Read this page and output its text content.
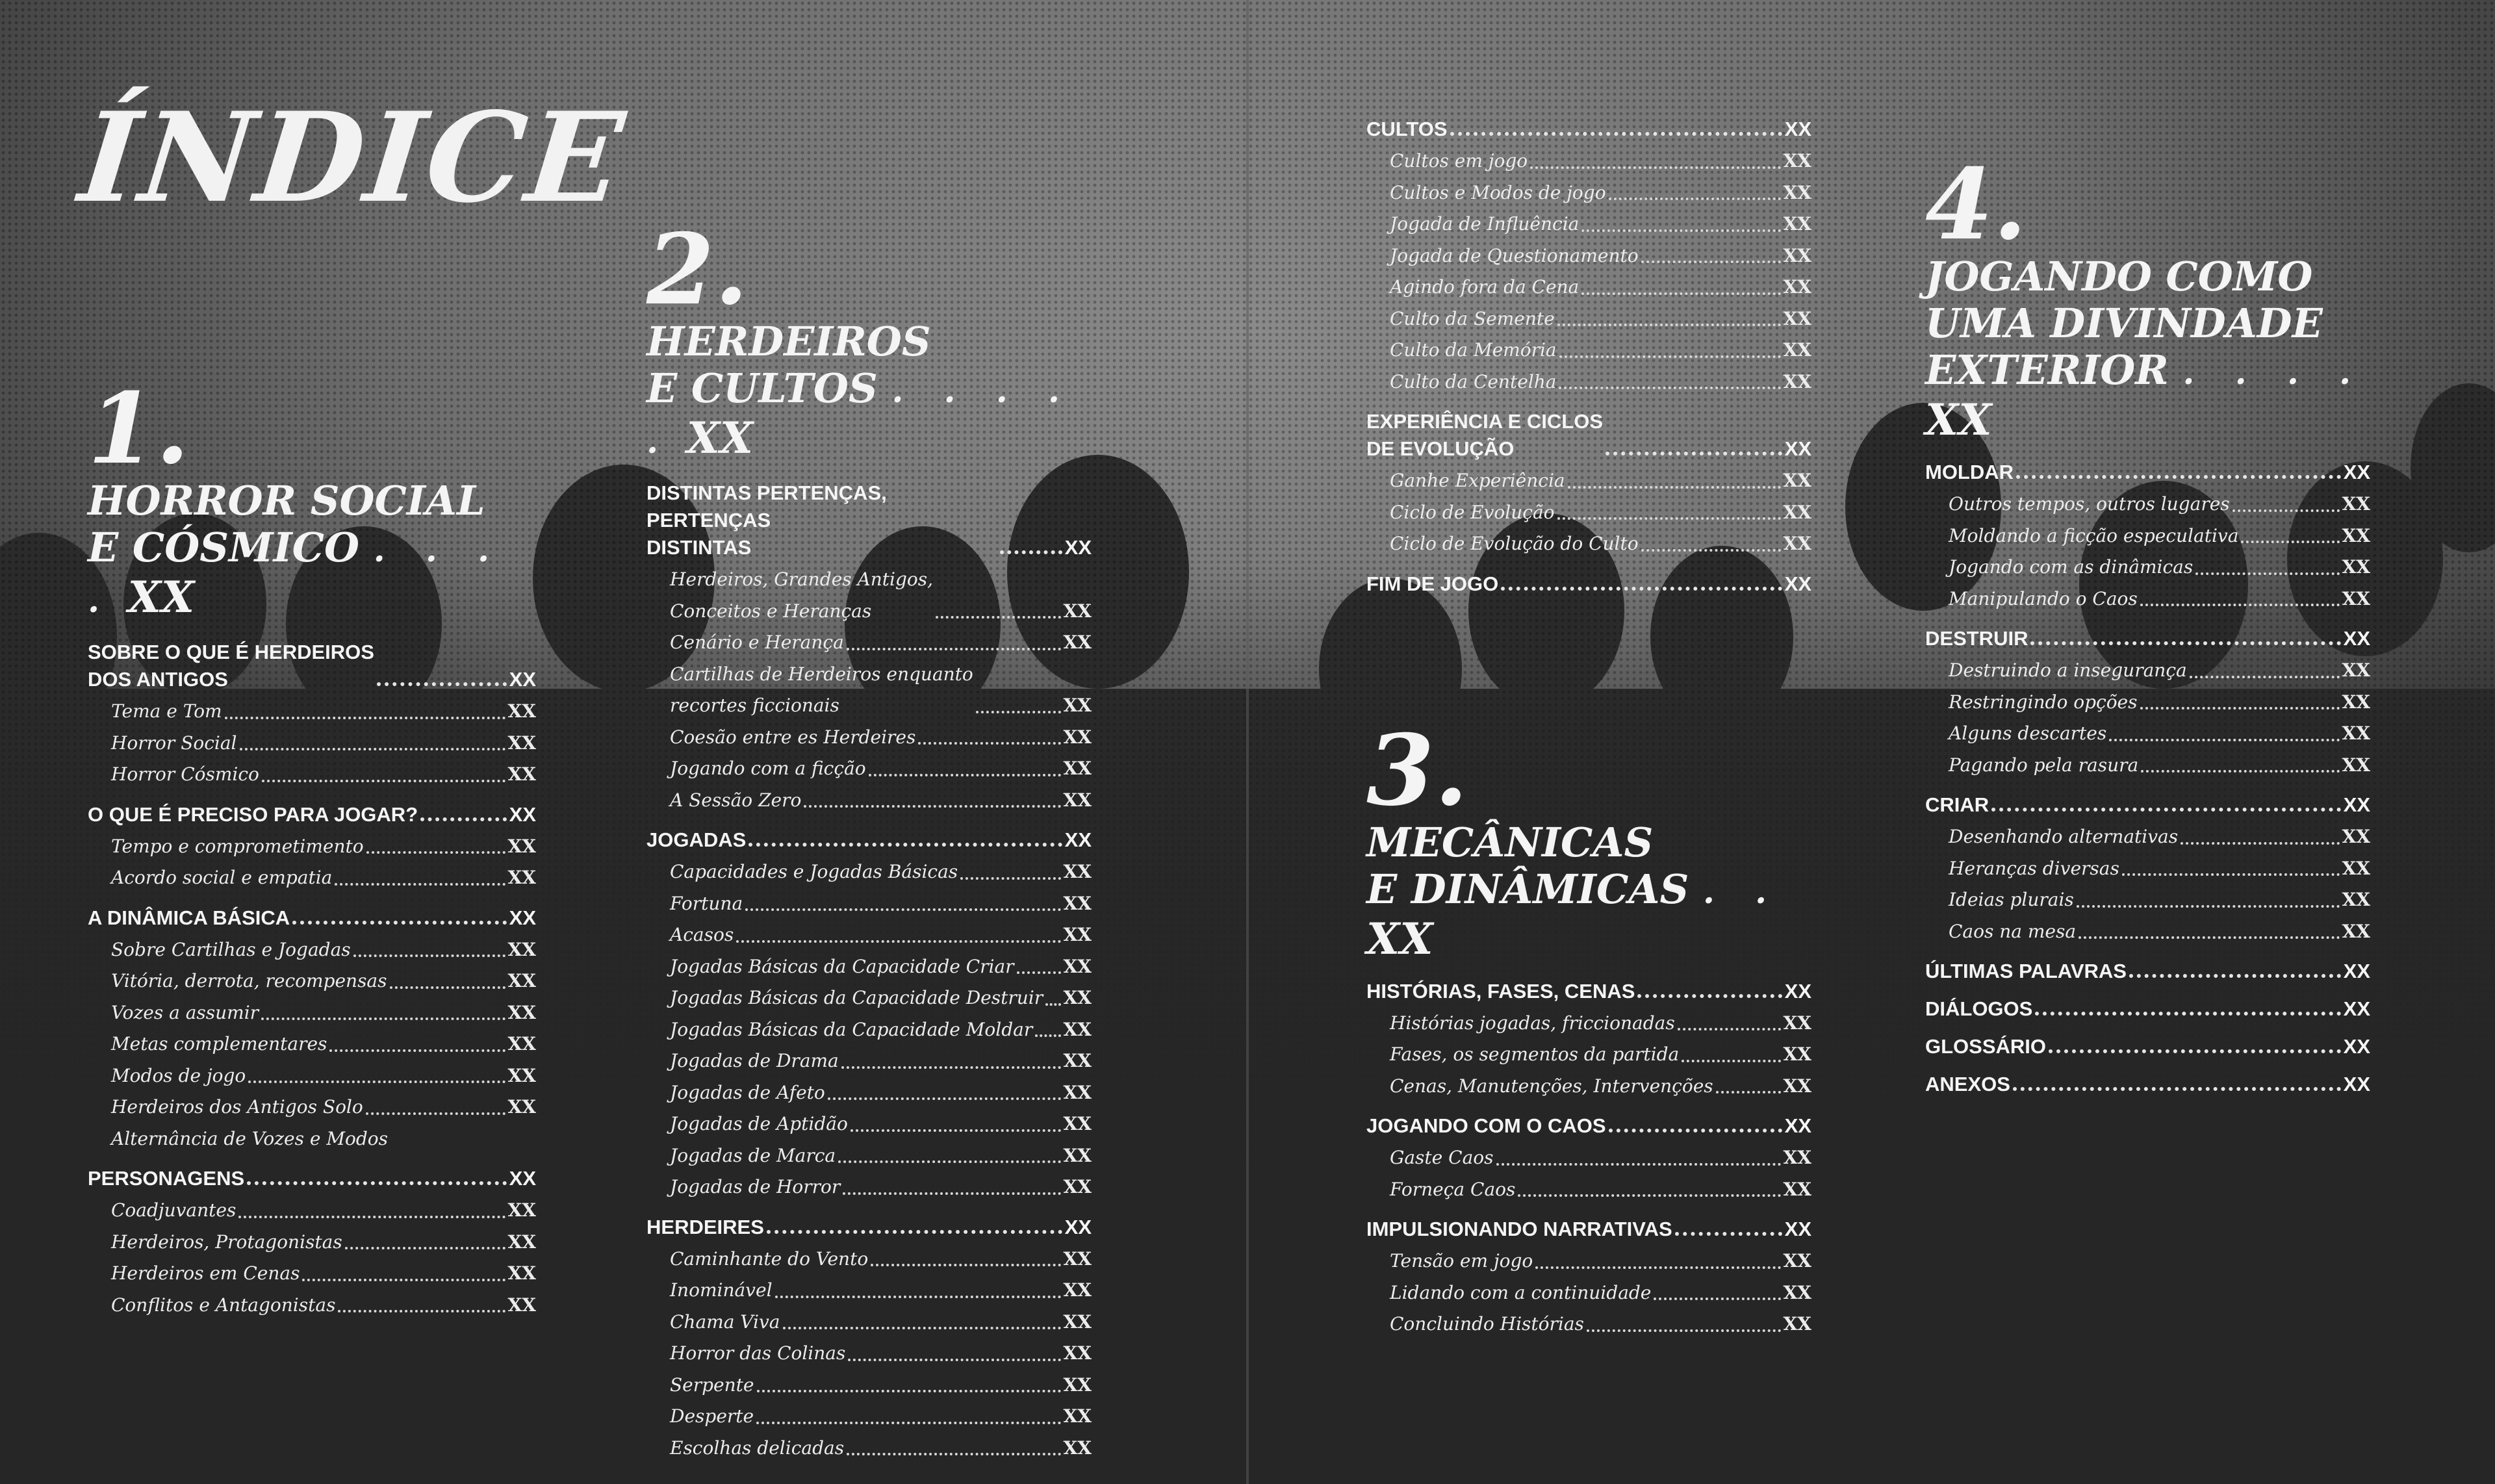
ÍNDICE
1.
HORROR SOCIAL
E CÓSMICO . . . . XX
SOBRE O QUE É HERDEIROS
DOS ANTIGOS	XX
Tema e Tom	XX
Horror Social	XX
Horror Cósmico	XX
O QUE É PRECISO PARA JOGAR?	XX
Tempo e comprometimento	XX
Acordo social e empatia	XX
A DINÂMICA BÁSICA	XX
Sobre Cartilhas e Jogadas	XX
Vitória, derrota, recompensas	XX
Vozes a assumir	XX
Metas complementares	XX
Modos de jogo	XX
Herdeiros dos Antigos Solo	XX
Alternância de Vozes e Modos
PERSONAGENS	XX
Coadjuvantes	XX
Herdeiros, Protagonistas	XX
Herdeiros em Cenas	XX
Conflitos e Antagonistas	XX
2.
HERDEIROS
E CULTOS . . . . . XX
DISTINTAS PERTENÇAS, PERTENÇAS
DISTINTAS	XX
Herdeiros, Grandes Antigos,
Conceitos e Heranças	XX
Cenário e Herança	XX
Cartilhas de Herdeiros enquanto
recortes ficcionais	XX
Coesão entre es Herdeires	XX
Jogando com a ficção	XX
A Sessão Zero	XX
JOGADAS	XX
Capacidades e Jogadas Básicas	XX
Fortuna	XX
Acasos	XX
Jogadas Básicas da Capacidade Criar	XX
Jogadas Básicas da Capacidade Destruir XX
Jogadas Básicas da Capacidade Moldar XX
Jogadas de Drama	XX
Jogadas de Afeto	XX
Jogadas de Aptidão	XX
Jogadas de Marca	XX
Jogadas de Horror	XX
HERDEIRES	XX
Caminhante do Vento	XX
Inominável	XX
Chama Viva	XX
Horror das Colinas	XX
Serpente	XX
Desperte	XX
Escolhas delicadas	XX
CULTOS	XX
Cultos em jogo	XX
Cultos e Modos de jogo	XX
Jogada de Influência	XX
Jogada de Questionamento	XX
Agindo fora da Cena	XX
Culto da Semente	XX
Culto da Memória	XX
Culto da Centelha	XX
EXPERIÊNCIA E CICLOS
DE EVOLUÇÃO	XX
Ganhe Experiência	XX
Ciclo de Evolução	XX
Ciclo de Evolução do Culto	XX
FIM DE JOGO	XX
3.
MECÂNICAS
E DINÂMICAS . . XX
HISTÓRIAS, FASES, CENAS	XX
Histórias jogadas, friccionadas	XX
Fases, os segmentos da partida	XX
Cenas, Manutenções, Intervenções	XX
JOGANDO COM O CAOS	XX
Gaste Caos	XX
Forneça Caos	XX
IMPULSIONANDO NARRATIVAS	XX
Tensão em jogo	XX
Lidando com a continuidade	XX
Concluindo Histórias	XX
4.
JOGANDO COMO
UMA DIVINDADE
EXTERIOR . . . . XX
MOLDAR	XX
Outros tempos, outros lugares	XX
Moldando a ficção especulativa	XX
Jogando com as dinâmicas	XX
Manipulando o Caos	XX
DESTRUIR	XX
Destruindo a insegurança	XX
Restringindo opções	XX
Alguns descartes	XX
Pagando pela rasura	XX
CRIAR	XX
Desenhando alternativas	XX
Heranças diversas	XX
Ideias plurais	XX
Caos na mesa	XX
ÚLTIMAS PALAVRAS	XX
DIÁLOGOS	XX
GLOSSÁRIO	XX
ANEXOS	XX
